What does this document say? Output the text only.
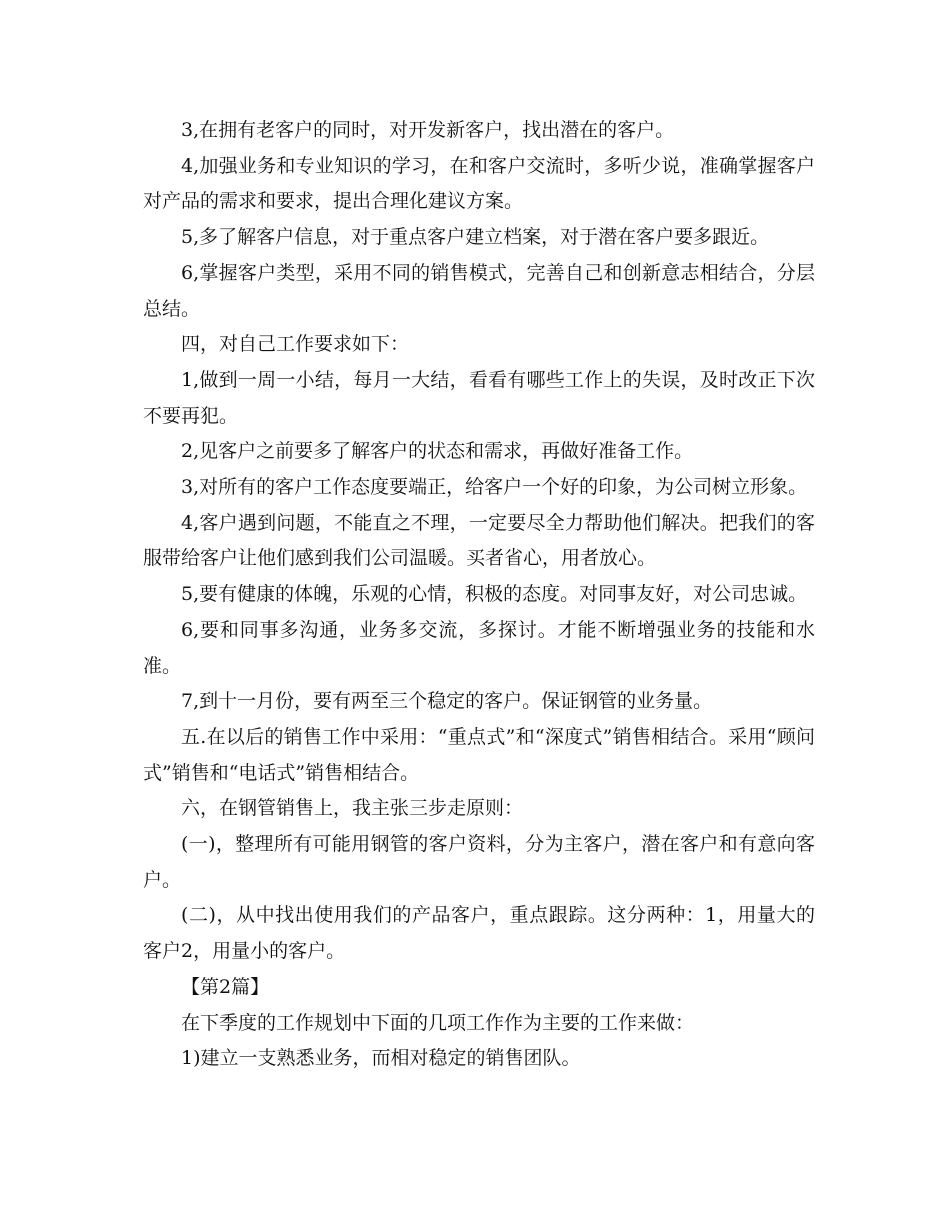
3,在拥有老客户的同时，对开发新客户，找出潜在的客户。

4,加强业务和专业知识的学习，在和客户交流时，多听少说，准确掌握客户对产品的需求和要求，提出合理化建议方案。

5,多了解客户信息，对于重点客户建立档案，对于潜在客户要多跟近。

6,掌握客户类型，采用不同的销售模式，完善自己和创新意志相结合，分层总结。

四，对自己工作要求如下：

1,做到一周一小结，每月一大结，看看有哪些工作上的失误，及时改正下次不要再犯。

2,见客户之前要多了解客户的状态和需求，再做好准备工作。

3,对所有的客户工作态度要端正，给客户一个好的印象，为公司树立形象。

4,客户遇到问题，不能直之不理，一定要尽全力帮助他们解决。把我们的客服带给客户让他们感到我们公司温暖。买者省心，用者放心。

5,要有健康的体魄，乐观的心情，积极的态度。对同事友好，对公司忠诚。

6,要和同事多沟通，业务多交流，多探讨。才能不断增强业务的技能和水准。

7,到十一月份，要有两至三个稳定的客户。保证钢管的业务量。

五.在以后的销售工作中采用：“重点式”和“深度式”销售相结合。采用“顾问式”销售和“电话式”销售相结合。

六，在钢管销售上，我主张三步走原则：

(一)，整理所有可能用钢管的客户资料，分为主客户，潜在客户和有意向客户。

(二)，从中找出使用我们的产品客户，重点跟踪。这分两种：1，用量大的客户2，用量小的客户。

【第2篇】

在下季度的工作规划中下面的几项工作作为主要的工作来做：

1)建立一支熟悉业务，而相对稳定的销售团队。
